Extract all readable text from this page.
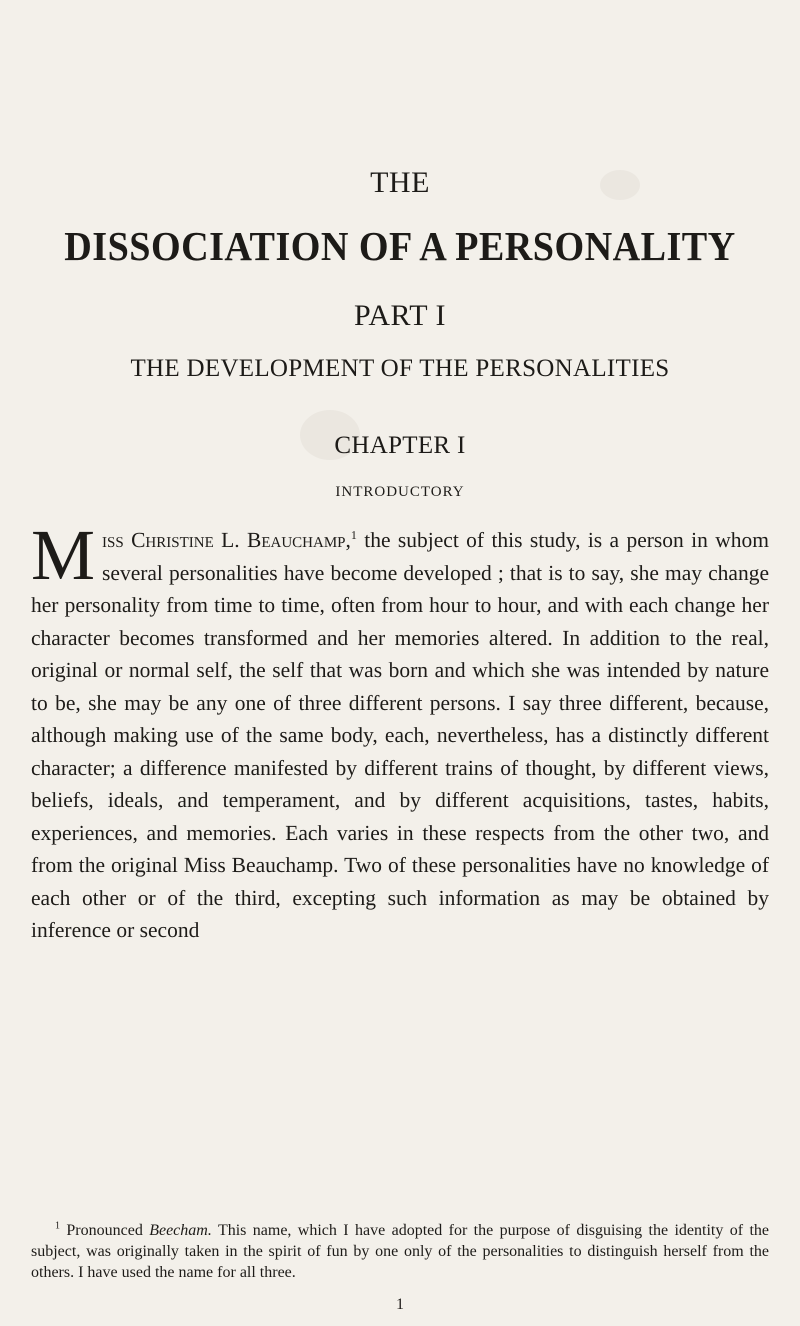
THE
DISSOCIATION OF A PERSONALITY
PART I
THE DEVELOPMENT OF THE PERSONALITIES
CHAPTER I
INTRODUCTORY
Miss Christine L. Beauchamp,$^1$ the subject of this study, is a person in whom several personalities have become developed ; that is to say, she may change her personality from time to time, often from hour to hour, and with each change her character becomes transformed and her memories altered. In addition to the real, original or normal self, the self that was born and which she was intended by nature to be, she may be any one of three different persons. I say three different, because, although making use of the same body, each, nevertheless, has a distinctly different character; a difference manifested by different trains of thought, by different views, beliefs, ideals, and temperament, and by different acquisitions, tastes, habits, experiences, and memories. Each varies in these respects from the other two, and from the original Miss Beauchamp. Two of these personalities have no knowledge of each other or of the third, excepting such information as may be obtained by inference or second
$^1$ Pronounced Beecham. This name, which I have adopted for the purpose of disguising the identity of the subject, was originally taken in the spirit of fun by one only of the personalities to distinguish herself from the others. I have used the name for all three.
1
